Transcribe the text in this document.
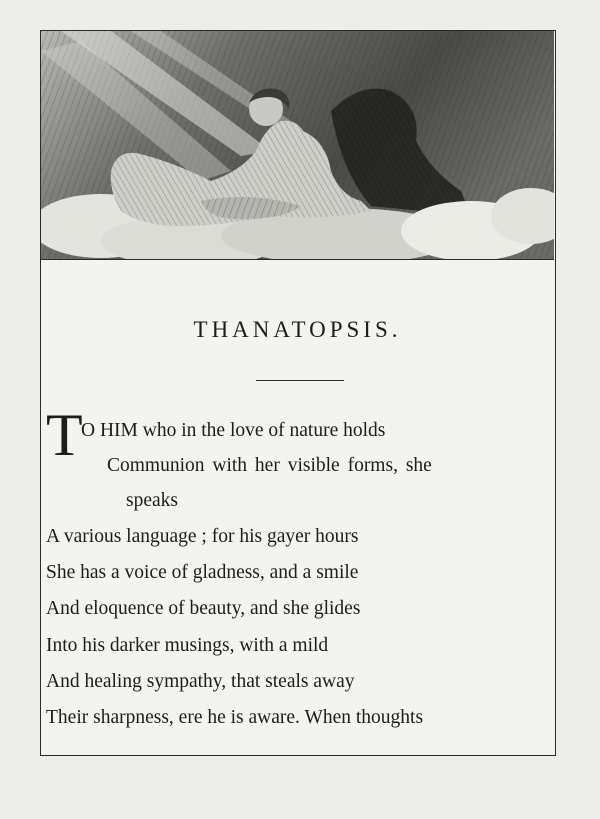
THANATOPSIS.
T
O HIM who in the love of nature holds
Communion with her visible forms, she
speaks
A various language ; for his gayer hours
She has a voice of gladness, and a smile
And eloquence of beauty, and she glides
Into his darker musings, with a mild
And healing sympathy, that steals away
Their sharpness, ere he is aware. When thoughts
